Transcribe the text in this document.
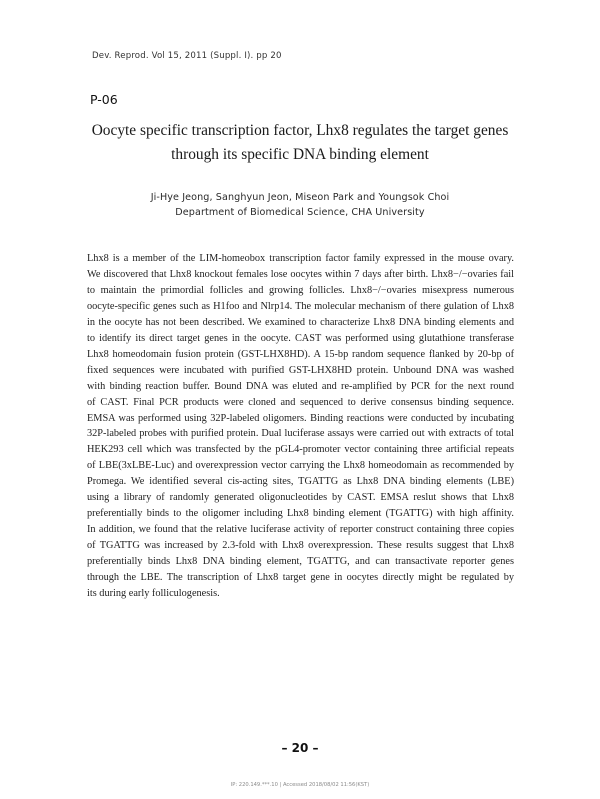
Dev. Reprod. Vol 15, 2011 (Suppl. I). pp 20
P-06
Oocyte specific transcription factor, Lhx8 regulates the target genes
through its specific DNA binding element
Ji-Hye Jeong, Sanghyun Jeon, Miseon Park and Youngsok Choi
Department of Biomedical Science, CHA University
Lhx8 is a member of the LIM-homeobox transcription factor family expressed in the mouse ovary.
We discovered that Lhx8 knockout females lose oocytes within 7 days after birth. Lhx8−/−ovaries fail
to maintain the primordial follicles and growing follicles. Lhx8−/−ovaries misexpress numerous
oocyte-specific genes such as H1foo and Nlrp14. The molecular mechanism of there gulation of Lhx8
in the oocyte has not been described. We examined to characterize Lhx8 DNA binding elements and
to identify its direct target genes in the oocyte. CAST was performed using glutathione transferase
Lhx8 homeodomain fusion protein (GST-LHX8HD). A 15-bp random sequence flanked by 20-bp of
fixed sequences were incubated with purified GST-LHX8HD protein. Unbound DNA was washed
with binding reaction buffer. Bound DNA was eluted and re-amplified by PCR for the next round
of CAST. Final PCR products were cloned and sequenced to derive consensus binding sequence.
EMSA was performed using 32P-labeled oligomers. Binding reactions were conducted by incubating
32P-labeled probes with purified protein. Dual luciferase assays were carried out with extracts of total
HEK293 cell which was transfected by the pGL4-promoter vector containing three artificial repeats
of LBE(3xLBE-Luc) and overexpression vector carrying the Lhx8 homeodomain as recommended by
Promega. We identified several cis-acting sites, TGATTG as Lhx8 DNA binding elements (LBE)
using a library of randomly generated oligonucleotides by CAST. EMSA reslut shows that Lhx8
preferentially binds to the oligomer including Lhx8 binding element (TGATTG) with high affinity.
In addition, we found that the relative luciferase activity of reporter construct containing three copies
of TGATTG was increased by 2.3-fold with Lhx8 overexpression. These results suggest that Lhx8
preferentially binds Lhx8 DNA binding element, TGATTG, and can transactivate reporter genes
through the LBE. The transcription of Lhx8 target gene in oocytes directly might be regulated by
its during early folliculogenesis.
– 20 –
IP: 220.149.***.10 | Accessed 2018/08/02 11:56(KST)
